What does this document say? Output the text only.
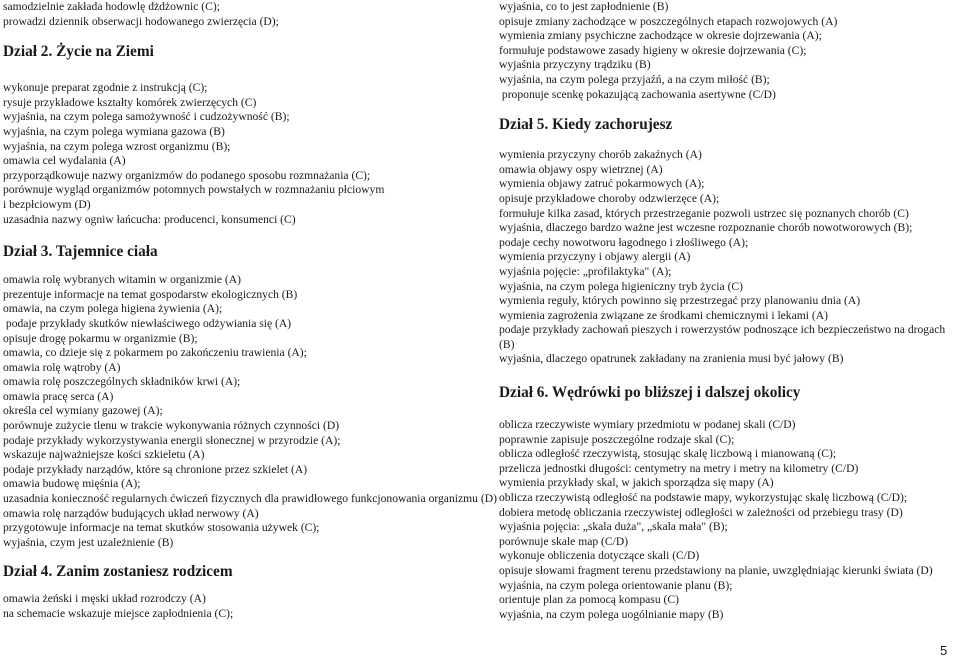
samodzielnie zakłada hodowlę dżdżownic (C);
prowadzi dziennik obserwacji hodowanego zwierzęcia (D);
Dział 2. Życie na Ziemi
wykonuje preparat zgodnie z instrukcją (C);
rysuje przykładowe kształty komórek zwierzęcych (C)
wyjaśnia, na czym polega samożywność i cudzożywność (B);
wyjaśnia, na czym polega wymiana gazowa (B)
wyjaśnia, na czym polega wzrost organizmu (B);
omawia cel wydalania (A)
przyporządkowuje nazwy organizmów do podanego sposobu rozmnażania (C);
porównuje wygląd organizmów potomnych powstałych w rozmnażaniu płciowym
i bezpłciowym (D)
uzasadnia nazwy ogniw łańcucha: producenci, konsumenci (C)
Dział 3. Tajemnice ciała
omawia rolę wybranych witamin w organizmie (A)
prezentuje informacje na temat gospodarstw ekologicznych (B)
omawia, na czym polega higiena żywienia (A);
podaje przykłady skutków niewłaściwego odżywiania się (A)
opisuje drogę pokarmu w organizmie (B);
omawia, co dzieje się z pokarmem po zakończeniu trawienia (A);
omawia rolę wątroby (A)
omawia rolę poszczególnych składników krwi (A);
omawia pracę serca (A)
określa cel wymiany gazowej (A);
porównuje zużycie tlenu w trakcie wykonywania różnych czynności (D)
podaje przykłady wykorzystywania energii słonecznej w przyrodzie (A);
wskazuje najważniejsze kości szkieletu (A)
podaje przykłady narządów, które są chronione przez szkielet (A)
omawia budowę mięśnia (A);
uzasadnia konieczność regularnych ćwiczeń fizycznych dla prawidłowego funkcjonowania organizmu (D)
omawia rolę narządów budujących układ nerwowy (A)
przygotowuje informacje na temat skutków stosowania używek (C);
wyjaśnia, czym jest uzależnienie (B)
Dział 4. Zanim zostaniesz rodzicem
omawia żeński i męski układ rozrodczy (A)
na schemacie wskazuje miejsce zapłodnienia (C);
wyjaśnia, co to jest zapłodnienie (B)
opisuje zmiany zachodzące w poszczególnych etapach rozwojowych (A)
wymienia zmiany psychiczne zachodzące w okresie dojrzewania (A);
formułuje podstawowe zasady higieny w okresie dojrzewania (C);
wyjaśnia przyczyny trądziku (B)
wyjaśnia, na czym polega przyjaźń, a na czym miłość (B);
proponuje scenkę pokazującą zachowania asertywne (C/D)
Dział 5. Kiedy zachorujesz
wymienia przyczyny chorób zakaźnych (A)
omawia objawy ospy wietrznej (A)
wymienia objawy zatruć pokarmowych (A);
opisuje przykładowe choroby odzwierzęce (A);
formułuje kilka zasad, których przestrzeganie pozwoli ustrzec się poznanych chorób (C)
wyjaśnia, dlaczego bardzo ważne jest wczesne rozpoznanie chorób nowotworowych (B);
podaje cechy nowotworu łagodnego i złośliwego (A);
wymienia przyczyny i objawy alergii (A)
wyjaśnia pojęcie: „profilaktyka" (A);
wyjaśnia, na czym polega higieniczny tryb życia (C)
wymienia reguły, których powinno się przestrzegać przy planowaniu dnia (A)
wymienia zagrożenia związane ze środkami chemicznymi i lekami (A)
podaje przykłady zachowań pieszych i rowerzystów podnoszące ich bezpieczeństwo na drogach (B)
wyjaśnia, dlaczego opatrunek zakładany na zranienia musi być jałowy (B)
Dział 6. Wędrówki po bliższej i dalszej okolicy
oblicza rzeczywiste wymiary przedmiotu w podanej skali (C/D)
poprawnie zapisuje poszczególne rodzaje skal (C);
oblicza odległość rzeczywistą, stosując skalę liczbową i mianowaną (C);
przelicza jednostki długości: centymetry na metry i metry na kilometry (C/D)
wymienia przykłady skal, w jakich sporządza się mapy (A)
oblicza rzeczywistą odległość na podstawie mapy, wykorzystując skalę liczbową (C/D);
dobiera metodę obliczania rzeczywistej odległości w zależności od przebiegu trasy (D)
wyjaśnia pojęcia: „skala duża", „skala mała" (B);
porównuje skale map (C/D)
wykonuje obliczenia dotyczące skali (C/D)
opisuje słowami fragment terenu przedstawiony na planie, uwzględniając kierunki świata (D)
wyjaśnia, na czym polega orientowanie planu (B);
orientuje plan za pomocą kompasu (C)
wyjaśnia, na czym polega uogólnianie mapy (B)
5
